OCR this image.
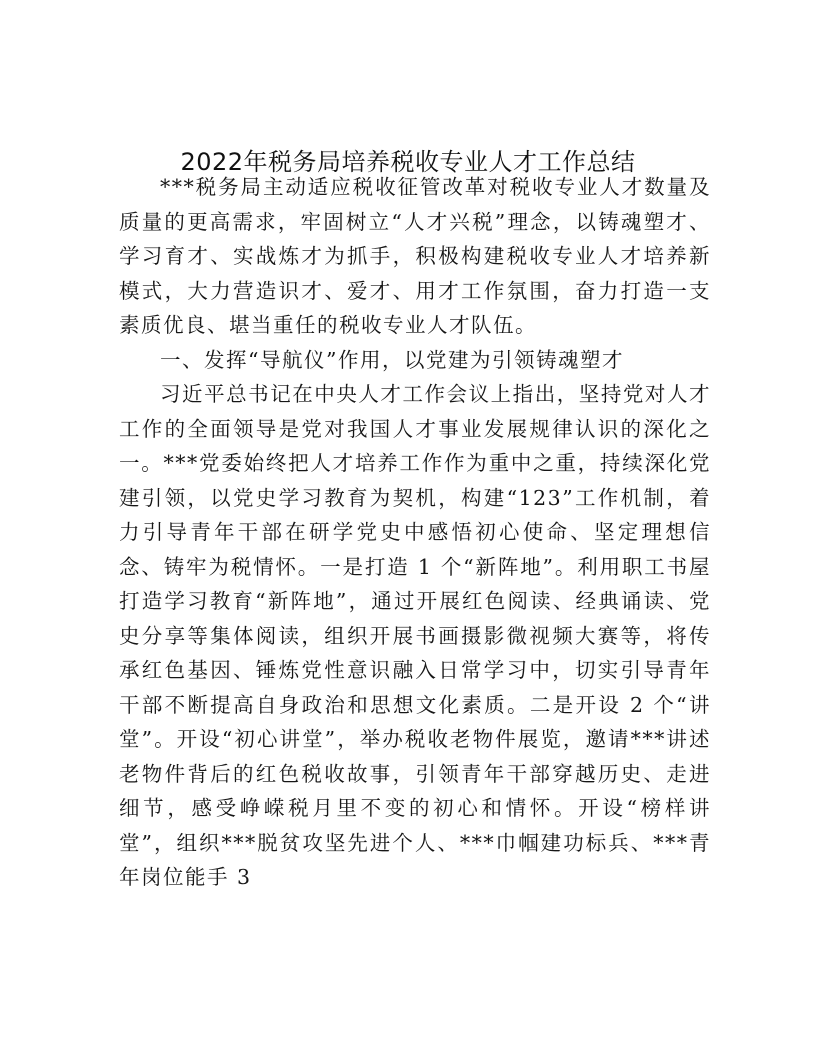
2022年税务局培养税收专业人才工作总结

***税务局主动适应税收征管改革对税收专业人才数量及质量的更高需求，牢固树立“人才兴税”理念，以铸魂塑才、学习育才、实战炼才为抓手，积极构建税收专业人才培养新模式，大力营造识才、爱才、用才工作氛围，奋力打造一支素质优良、堪当重任的税收专业人才队伍。

一、发挥“导航仪”作用，以党建为引领铸魂塑才

习近平总书记在中央人才工作会议上指出，坚持党对人才工作的全面领导是党对我国人才事业发展规律认识的深化之一。***党委始终把人才培养工作作为重中之重，持续深化党建引领，以党史学习教育为契机，构建“123”工作机制，着力引导青年干部在研学党史中感悟初心使命、坚定理想信念、铸牢为税情怀。一是打造 1 个“新阵地”。利用职工书屋打造学习教育“新阵地”，通过开展红色阅读、经典诵读、党史分享等集体阅读，组织开展书画摄影微视频大赛等，将传承红色基因、锤炼党性意识融入日常学习中，切实引导青年干部不断提高自身政治和思想文化素质。二是开设 2 个“讲堂”。开设“初心讲堂”，举办税收老物件展览，邀请***讲述老物件背后的红色税收故事，引领青年干部穿越历史、走进细节，感受峥嵘税月里不变的初心和情怀。开设“榜样讲堂”，组织***脱贫攻坚先进个人、***巾帼建功标兵、***青年岗位能手 3
